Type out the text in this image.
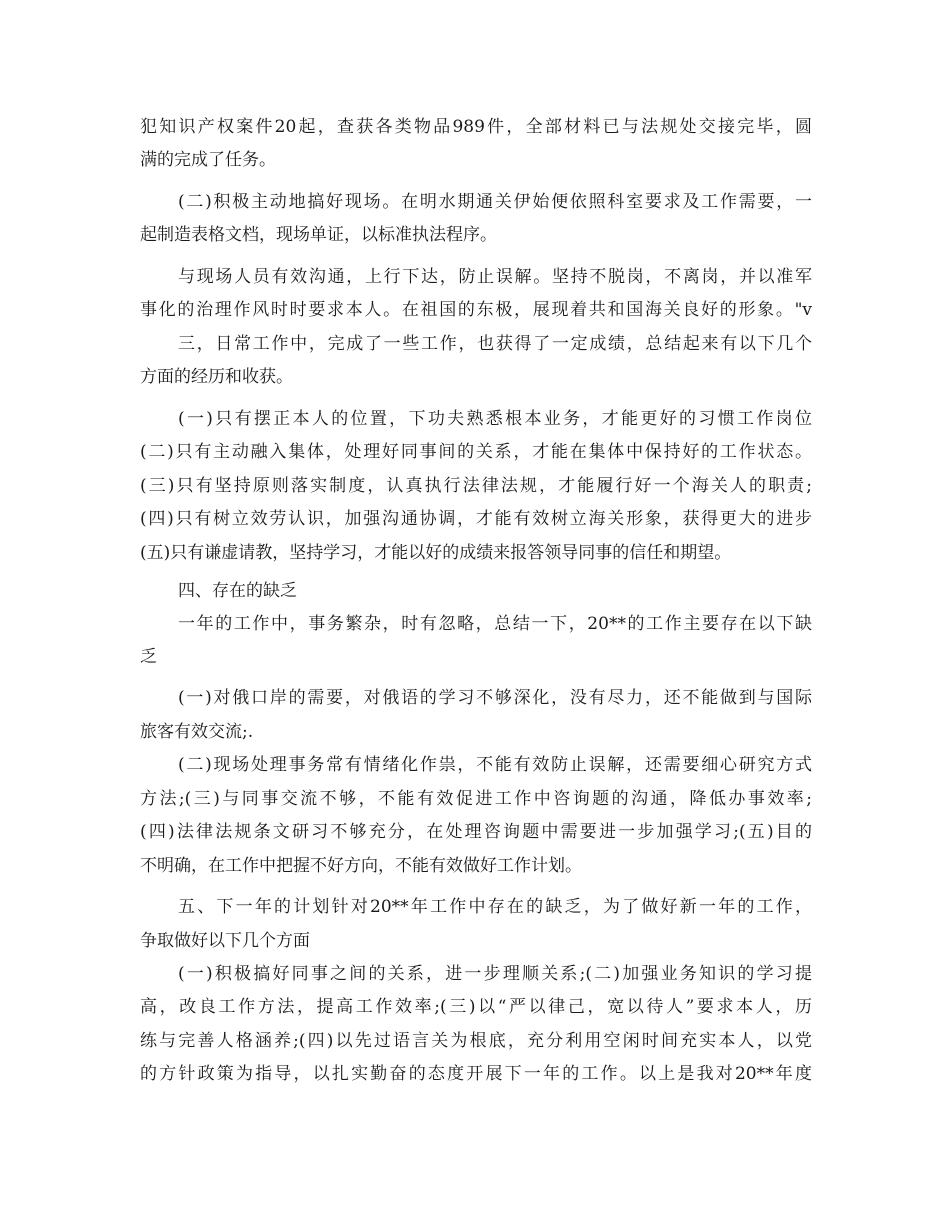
犯知识产权案件20起，查获各类物品989件，全部材料已与法规处交接完毕，圆

满的完成了任务。

(二)积极主动地搞好现场。在明水期通关伊始便依照科室要求及工作需要，一

起制造表格文档，现场单证，以标准执法程序。

与现场人员有效沟通，上行下达，防止误解。坚持不脱岗，不离岗，并以准军

事化的治理作风时时要求本人。在祖国的东极，展现着共和国海关良好的形象。"v

三，日常工作中，完成了一些工作，也获得了一定成绩，总结起来有以下几个

方面的经历和收获。

(一)只有摆正本人的位置，下功夫熟悉根本业务，才能更好的习惯工作岗位

(二)只有主动融入集体，处理好同事间的关系，才能在集体中保持好的工作状态。

(三)只有坚持原则落实制度，认真执行法律法规，才能履行好一个海关人的职责;

(四)只有树立效劳认识，加强沟通协调，才能有效树立海关形象，获得更大的进步

(五)只有谦虚请教，坚持学习，才能以好的成绩来报答领导同事的信任和期望。

四、存在的缺乏

一年的工作中，事务繁杂，时有忽略，总结一下，20**的工作主要存在以下缺

乏

(一)对俄口岸的需要，对俄语的学习不够深化，没有尽力，还不能做到与国际

旅客有效交流;.

(二)现场处理事务常有情绪化作祟，不能有效防止误解，还需要细心研究方式

方法;(三)与同事交流不够，不能有效促进工作中咨询题的沟通，降低办事效率;

(四)法律法规条文研习不够充分，在处理咨询题中需要进一步加强学习;(五)目的

不明确，在工作中把握不好方向，不能有效做好工作计划。

五、下一年的计划针对20**年工作中存在的缺乏，为了做好新一年的工作，

争取做好以下几个方面

(一)积极搞好同事之间的关系，进一步理顺关系;(二)加强业务知识的学习提

高，改良工作方法，提高工作效率;(三)以“严以律己，宽以待人”要求本人，历

练与完善人格涵养;(四)以先过语言关为根底，充分利用空闲时间充实本人，以党

的方针政策为指导，以扎实勤奋的态度开展下一年的工作。以上是我对20**年度
